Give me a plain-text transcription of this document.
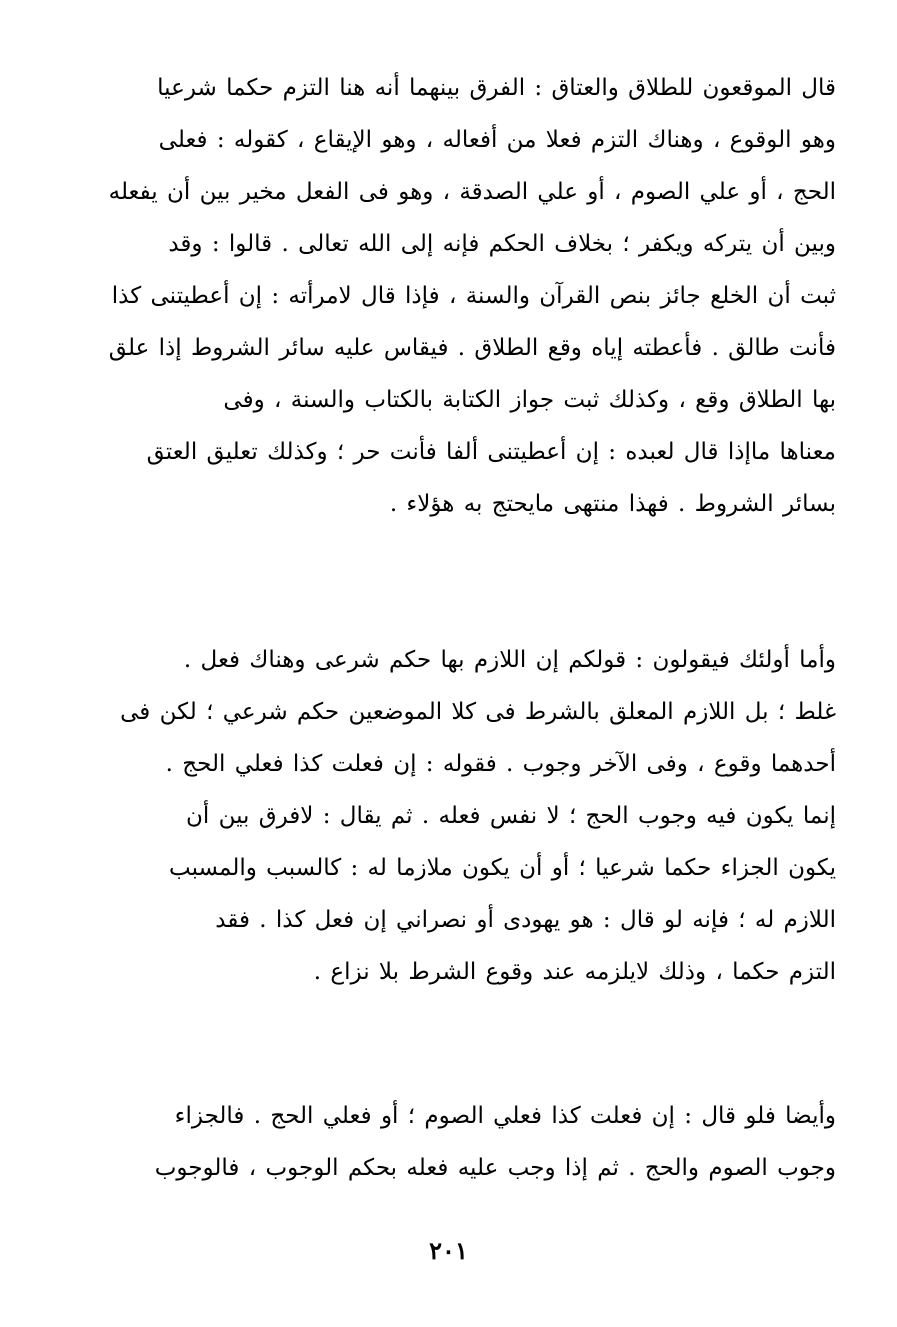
قال الموقعون للطلاق والعتاق : الفرق بينهما أنه هنا التزم حكما شرعيا
وهو الوقوع ، وهناك التزم فعلا من أفعاله ، وهو الإيقاع ، كقوله : فعلى
الحج ، أو علي الصوم ، أو علي الصدقة ، وهو فى الفعل مخير بين أن يفعله
وبين أن يتركه ويكفر ؛ بخلاف الحكم فإنه إلى الله تعالى . قالوا : وقد
ثبت أن الخلع جائز بنص القرآن والسنة ، فإذا قال لامرأته : إن أعطيتنى كذا
فأنت طالق . فأعطته إياه وقع الطلاق . فيقاس عليه سائر الشروط إذا علق
بها الطلاق وقع ، وكذلك ثبت جواز الكتابة بالكتاب والسنة ، وفى
معناها ماإذا قال لعبده : إن أعطيتنى ألفا فأنت حر ؛ وكذلك تعليق العتق
بسائر الشروط . فهذا منتهى مايحتج به هؤلاء .
وأما أولئك فيقولون : قولكم إن اللازم بها حكم شرعى وهناك فعل .
غلط ؛ بل اللازم المعلق بالشرط فى كلا الموضعين حكم شرعي ؛ لكن فى
أحدهما وقوع ، وفى الآخر وجوب . فقوله : إن فعلت كذا فعلي الحج .
إنما يكون فيه وجوب الحج ؛ لا نفس فعله . ثم يقال : لافرق بين أن
يكون الجزاء حكما شرعيا ؛ أو أن يكون ملازما له : كالسبب والمسبب
اللازم له ؛ فإنه لو قال : هو يهودى أو نصراني إن فعل كذا . فقد
التزم حكما ، وذلك لايلزمه عند وقوع الشرط بلا نزاع .
وأيضا فلو قال : إن فعلت كذا فعلي الصوم ؛ أو فعلي الحج . فالجزاء
وجوب الصوم والحج . ثم إذا وجب عليه فعله بحكم الوجوب ، فالوجوب
٢٠١
